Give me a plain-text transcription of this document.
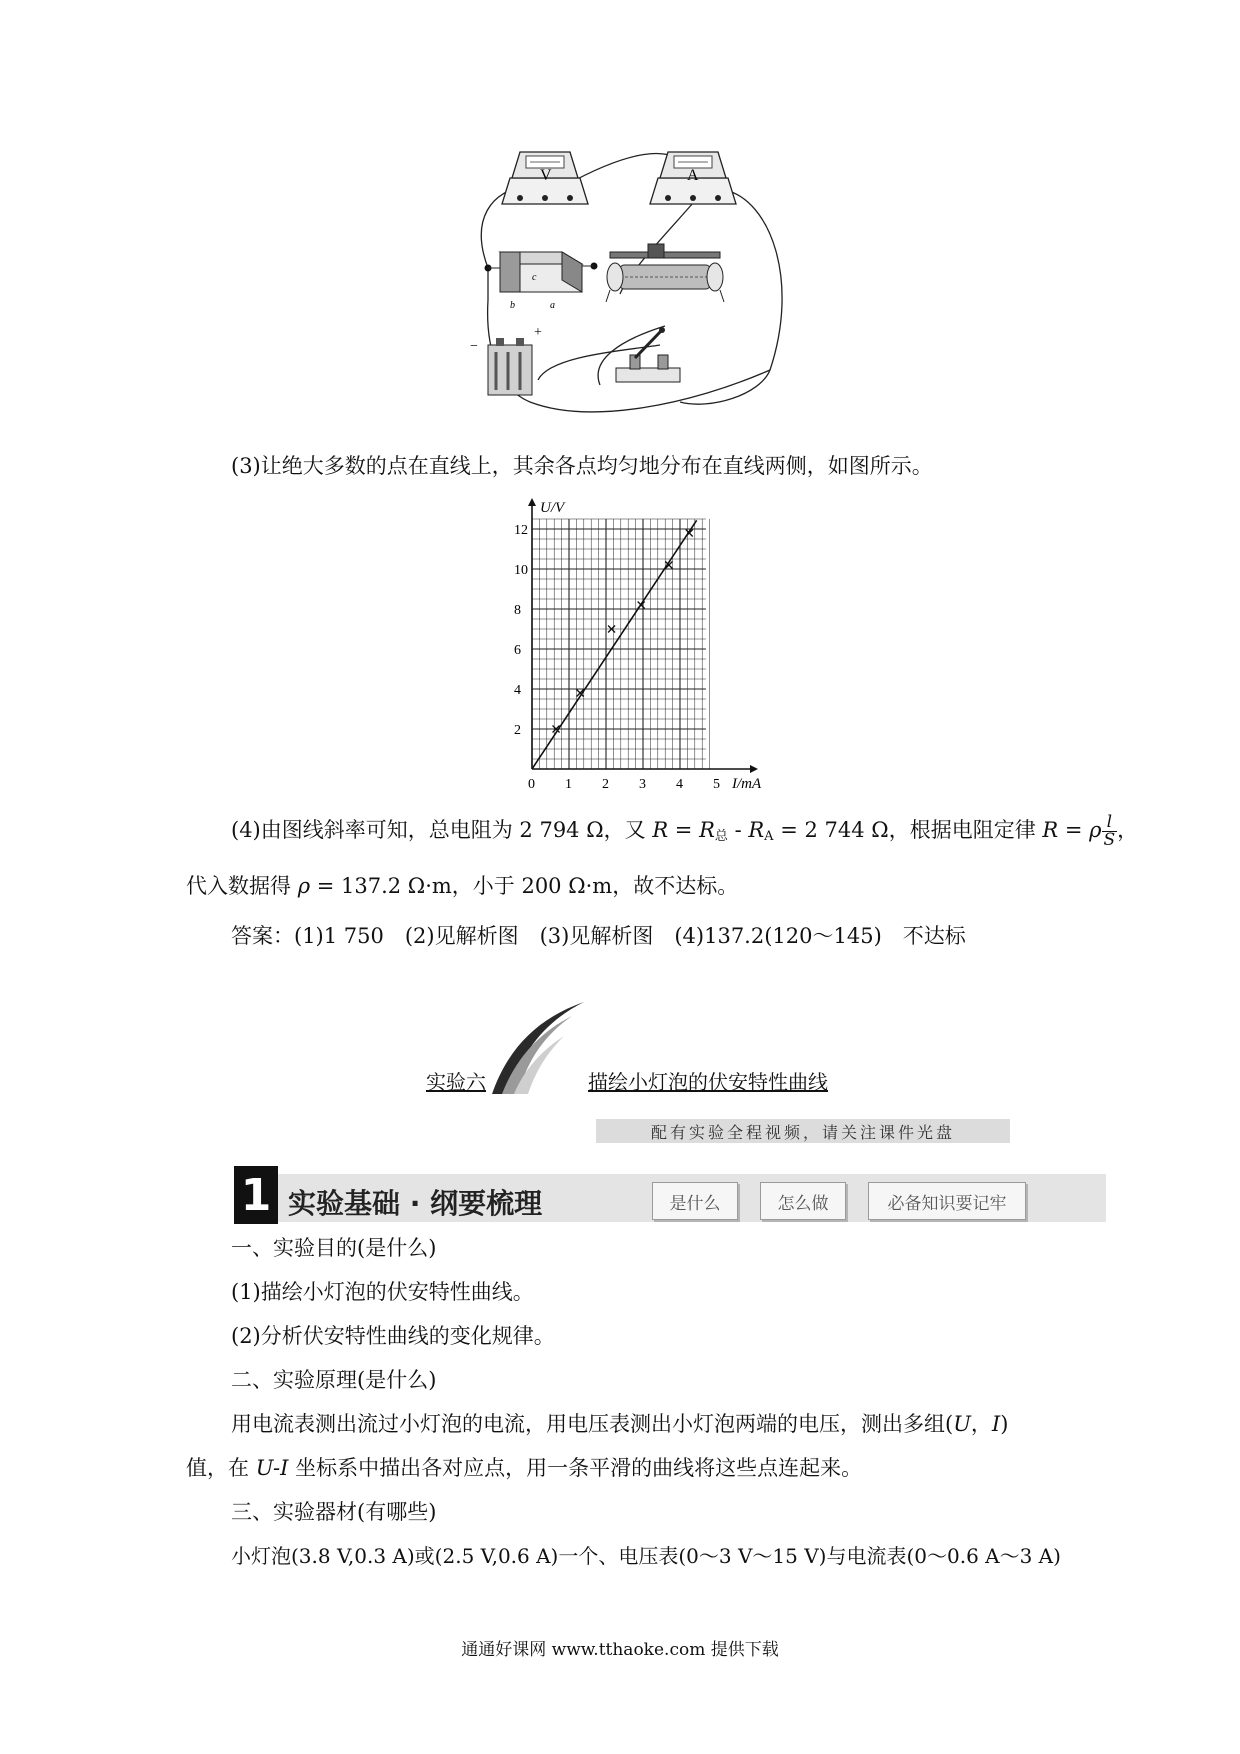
V	A
c
b	a
+
−
(3)让绝大多数的点在直线上，其余各点均匀地分布在直线两侧，如图所示。
0 1 2 3 4 5
2
4
6
8
10
12
U/V
I/mA
(4)由图线斜率可知，总电阻为 2 794 Ω，又 $R = R_总 - R_A = 2$ 744 Ω，根据电阻定律 R = ρ $\frac{l}{S}$ ，
代入数据得 ρ = 137.2 Ω·m，小于 200 Ω·m，故不达标。
答案：(1)1 750　(2)见解析图　(3)见解析图　(4)137.2(120～145)　不达标
实验六	描绘小灯泡的伏安特性曲线
配有实验全程视频，请关注课件光盘
1 实验基础 · 纲要梳理	是什么	怎么做	必备知识要记牢
一、实验目的(是什么)
(1)描绘小灯泡的伏安特性曲线。
(2)分析伏安特性曲线的变化规律。
二、实验原理(是什么)
用电流表测出流过小灯泡的电流，用电压表测出小灯泡两端的电压，测出多组(U，I)
值，在 U-I 坐标系中描出各对应点，用一条平滑的曲线将这些点连起来。
三、实验器材(有哪些)
小灯泡(3.8 V,0.3 A)或(2.5 V,0.6 A)一个、电压表(0～3 V～15 V)与电流表(0～0.6 A～3 A)
通通好课网 www.tthaoke.com 提供下载
